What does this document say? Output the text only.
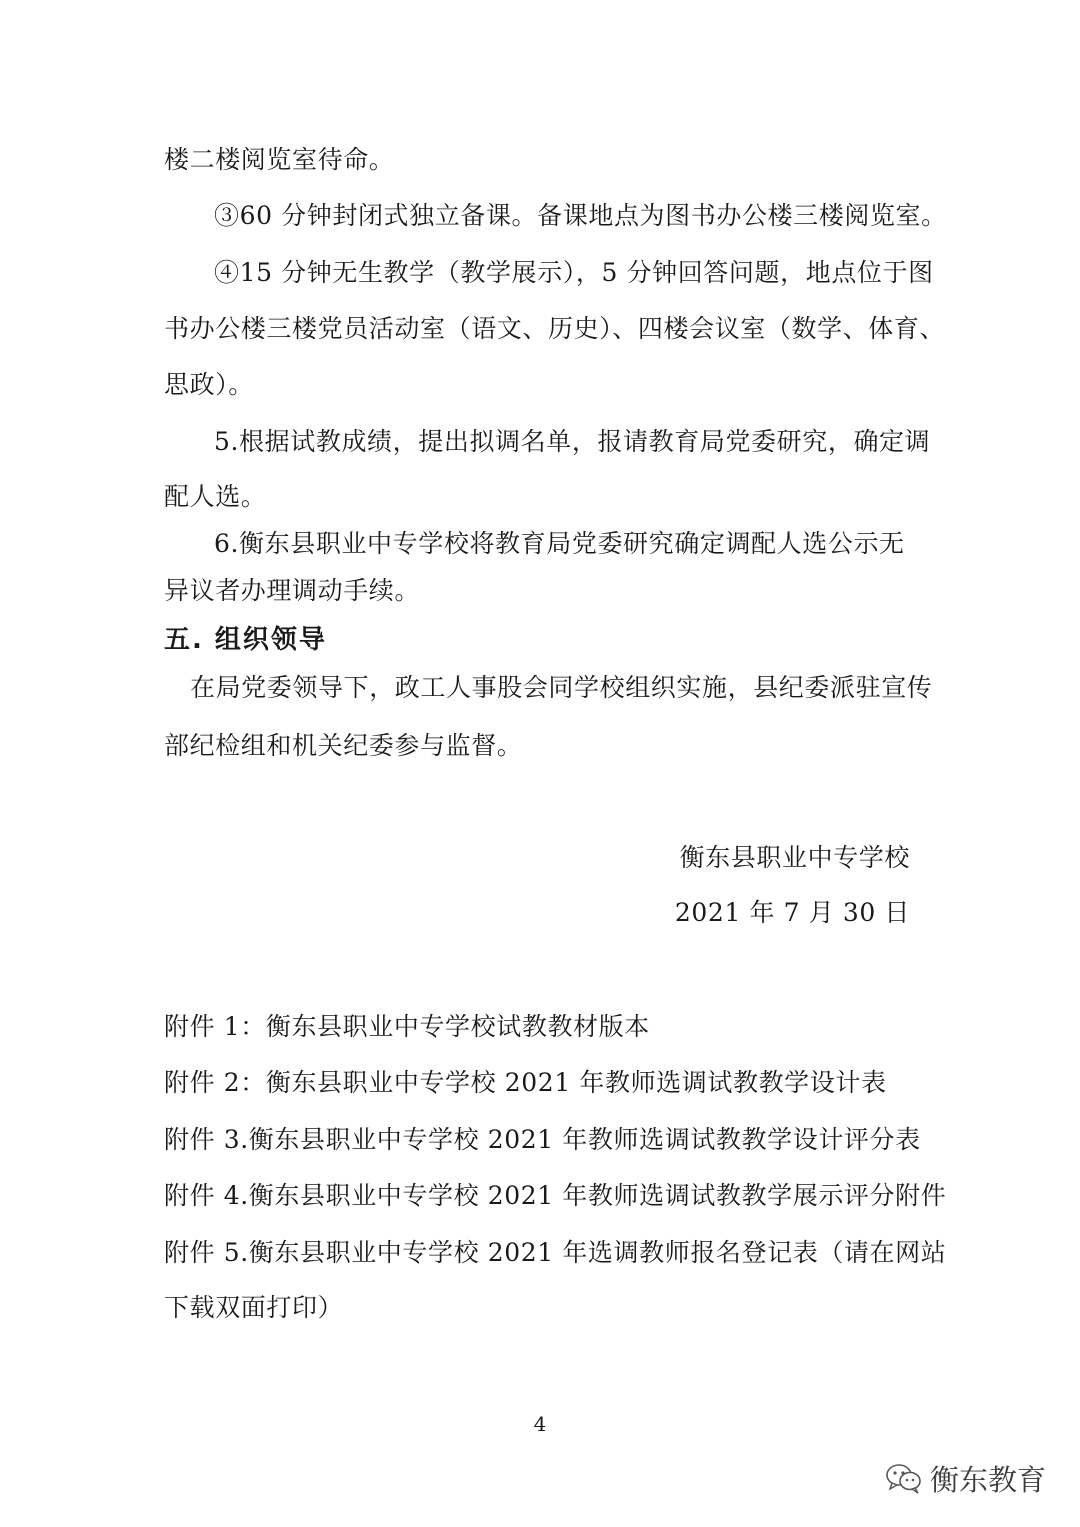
楼二楼阅览室待命。
③60 分钟封闭式独立备课。备课地点为图书办公楼三楼阅览室。
④15 分钟无生教学（教学展示），5 分钟回答问题，地点位于图
书办公楼三楼党员活动室（语文、历史）、四楼会议室（数学、体育、
思政）。
5.根据试教成绩，提出拟调名单，报请教育局党委研究，确定调
配人选。
6.衡东县职业中专学校将教育局党委研究确定调配人选公示无
异议者办理调动手续。
五. 组织领导
在局党委领导下，政工人事股会同学校组织实施，县纪委派驻宣传
部纪检组和机关纪委参与监督。
衡东县职业中专学校
2021 年 7 月 30 日
附件 1：衡东县职业中专学校试教教材版本
附件 2：衡东县职业中专学校 2021 年教师选调试教教学设计表
附件 3.衡东县职业中专学校 2021 年教师选调试教教学设计评分表
附件 4.衡东县职业中专学校 2021 年教师选调试教教学展示评分附件
附件 5.衡东县职业中专学校 2021 年选调教师报名登记表（请在网站
下载双面打印）
4
衡东教育
